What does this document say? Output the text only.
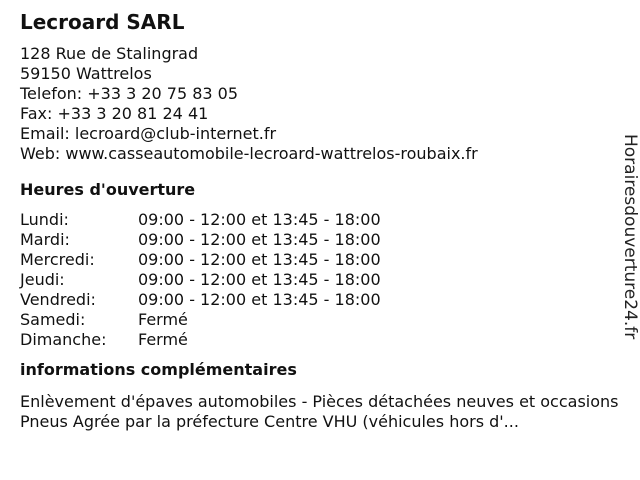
Lecroard SARL
128 Rue de Stalingrad
59150 Wattrelos
Telefon: +33 3 20 75 83 05
Fax: +33 3 20 81 24 41
Email: lecroard@club-internet.fr
Web: www.casseautomobile-lecroard-wattrelos-roubaix.fr
Heures d'ouverture
Lundi:	09:00 - 12:00 et 13:45 - 18:00
Mardi:	09:00 - 12:00 et 13:45 - 18:00
Mercredi:	09:00 - 12:00 et 13:45 - 18:00
Jeudi:	09:00 - 12:00 et 13:45 - 18:00
Vendredi:	09:00 - 12:00 et 13:45 - 18:00
Samedi:	Fermé
Dimanche:	Fermé
informations complémentaires
Enlèvement d'épaves automobiles - Pièces détachées neuves et occasions Pneus Agrée par la préfecture Centre VHU (véhicules hors d'...
Horairesdouverture24.fr
